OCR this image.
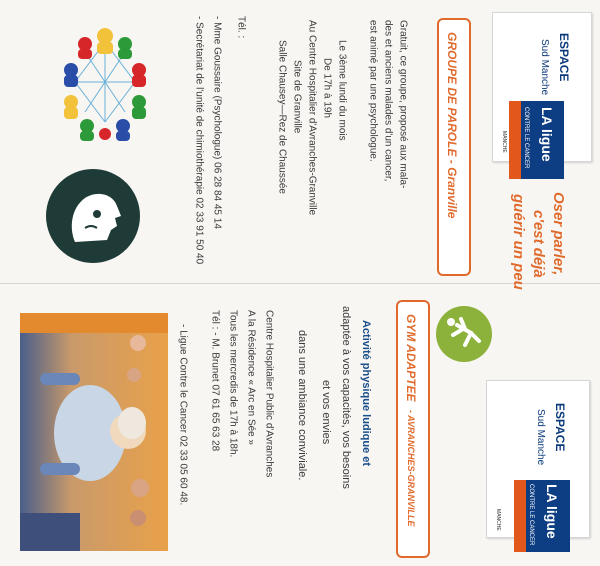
ESPACE
Sud Manche
MANCHE LA ligue
CONTRE LE CANCER
Oser parler,
c'est déjà
guérir un peu
GROUPE DE PAROLE - Granville
Gratuit, ce groupe, proposé aux mala-
des et anciens malades d'un cancer,
est animé par une psychologue.
Le 3ème lundi du mois
De 17h à 19h
Au Centre Hospitalier d'Avranches-Granville
Site de Granville
Salle Chausey—Rez de Chaussée
Tél. :
- Mme Goussaire (Psychologue) 06 28 84 45 14
- Secrétariat de l'unité de chimiothérapie 02 33 91 50 40
GYM ADAPTEE
- AVRANCHES-GRANVILLE	ESPACE
Sud Manche
MANCHE	LA ligue
CONTRE LE CANCER
Activité physique ludique et
adaptée à vos capacités, vos besoins
et vos envies
dans une ambiance conviviale.
Centre Hospitalier Public d'Avranches
A la Résidence « Arc en Sée »
Tous les mercredis de 17h à 18h.
Tél : - M. Brunet 07 61 65 63 28
- Ligue Contre le Cancer 02 33 05 60 48.
